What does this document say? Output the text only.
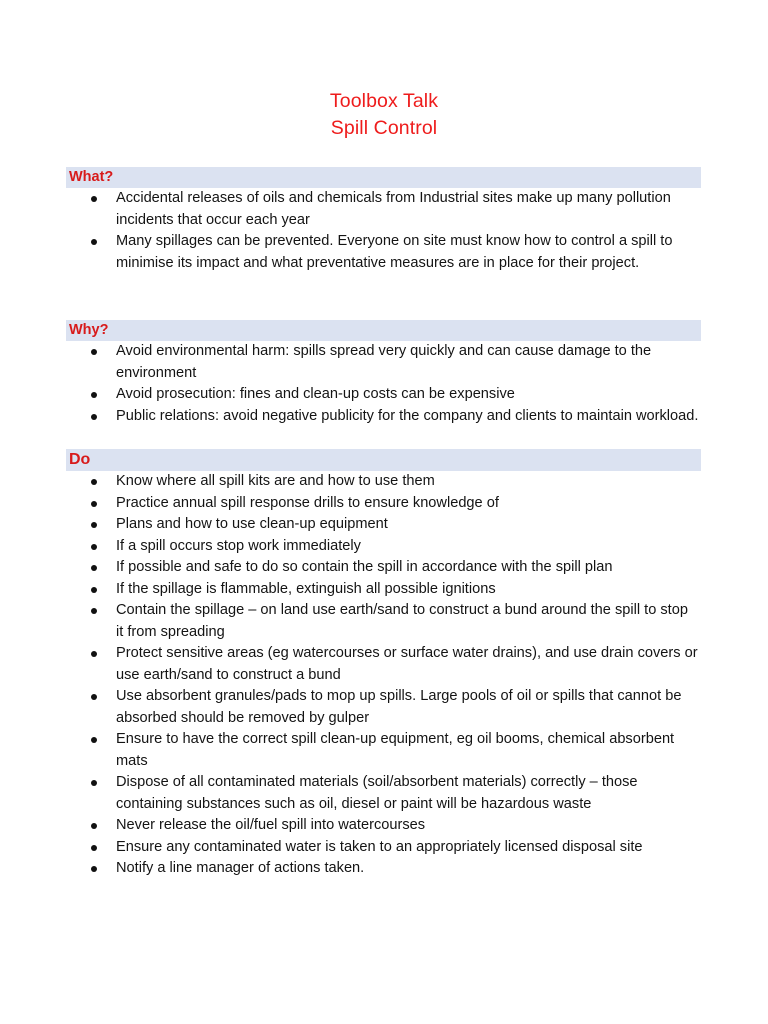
Toolbox Talk
Spill Control
What?
Accidental releases of oils and chemicals from Industrial sites make up many pollution incidents that occur each year
Many spillages can be prevented. Everyone on site must know how to control a spill to minimise its impact and what preventative measures are in place for their project.
Why?
Avoid environmental harm: spills spread very quickly and can cause damage to the environment
Avoid prosecution: fines and clean-up costs can be expensive
Public relations: avoid negative publicity for the company and clients to maintain workload.
Do
Know where all spill kits are and how to use them
Practice annual spill response drills to ensure knowledge of
Plans and how to use clean-up equipment
If a spill occurs stop work immediately
If possible and safe to do so contain the spill in accordance with the spill plan
If the spillage is flammable, extinguish all possible ignitions
Contain the spillage – on land use earth/sand to construct a bund around the spill to stop it from spreading
Protect sensitive areas (eg watercourses or surface water drains), and use drain covers or use earth/sand to construct a bund
Use absorbent granules/pads to mop up spills. Large pools of oil or spills that cannot be absorbed should be removed by gulper
Ensure to have the correct spill clean-up equipment, eg oil booms, chemical absorbent mats
Dispose of all contaminated materials (soil/absorbent materials) correctly – those containing substances such as oil, diesel or paint will be hazardous waste
Never release the oil/fuel spill into watercourses
Ensure any contaminated water is taken to an appropriately licensed disposal site
Notify a line manager of actions taken.
